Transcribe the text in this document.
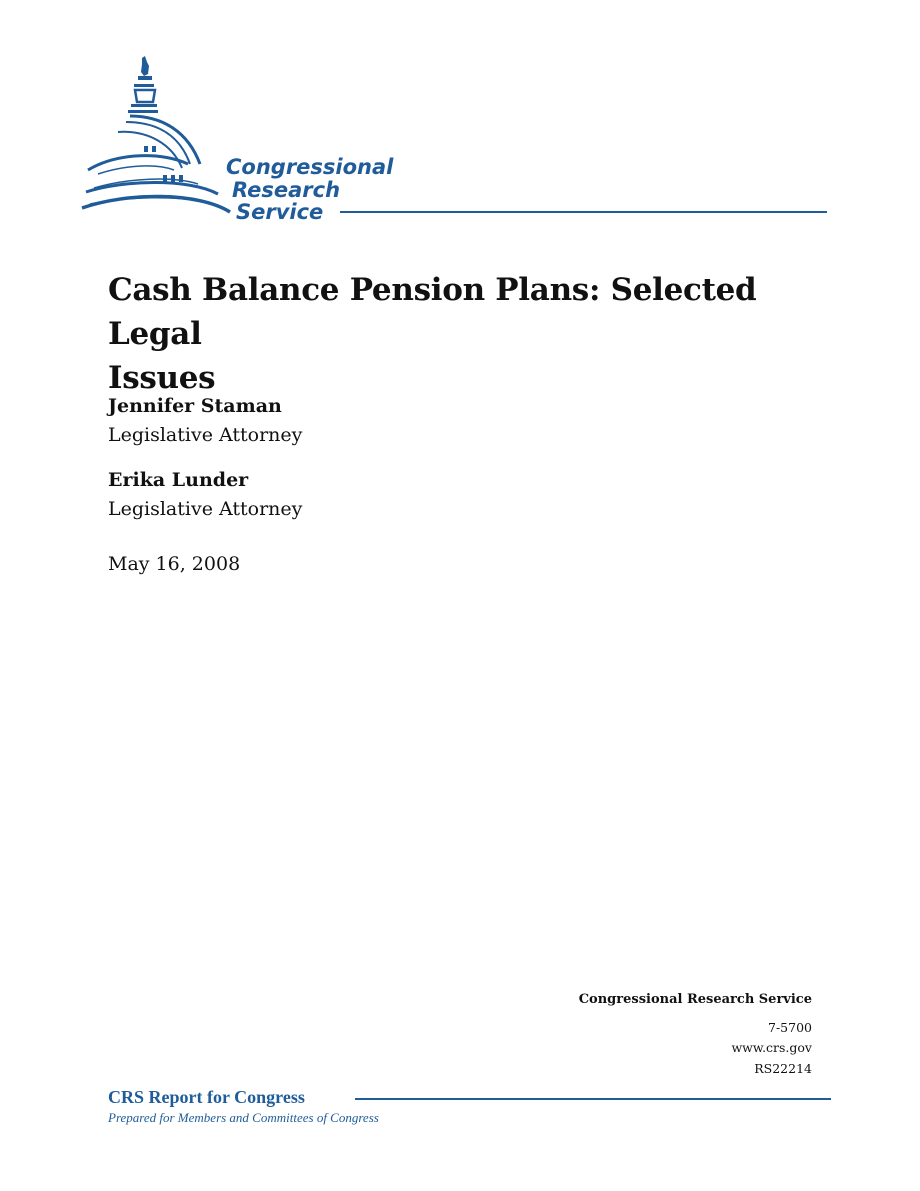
Congressional
Research
Service
Cash Balance Pension Plans: Selected Legal
Issues
Jennifer Staman
Legislative Attorney
Erika Lunder
Legislative Attorney
May 16, 2008
Congressional Research Service
7-5700
www.crs.gov
RS22214
CRS Report for Congress
Prepared for Members and Committees of Congress
